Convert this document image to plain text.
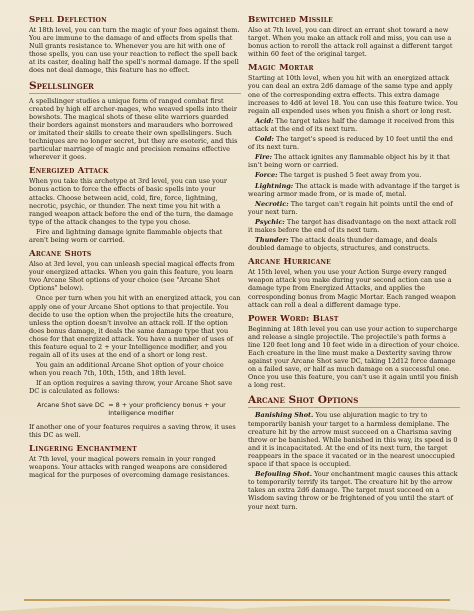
Spell Deflection

At 18th level, you can turn the magic of your foes against them. You are immune to the damage of and effects from spells that Null grants resistance to. Whenever you are hit with one of those spells, you can use your reaction to reflect the spell back at its caster, dealing half the spell's normal damage. If the spell does not deal damage, this feature has no effect.

Spellslinger

A spellslinger studies a unique form of ranged combat first created by high elf archer-mages, who weaved spells into their bowshots. The magical shots of these elite warriors guarded their borders against monsters and marauders who borrowed or imitated their skills to create their own spellslingers. Such techniques are no longer secret, but they are esoteric, and this particular marriage of magic and precision remains effective wherever it goes.

Energized Attack

When you take this archetype at 3rd level, you can use your bonus action to force the effects of basic spells into your attacks. Choose between acid, cold, fire, force, lightning, necrotic, psychic, or thunder. The next time you hit with a ranged weapon attack before the end of the turn, the damage type of the attack changes to the type you chose.

Fire and lightning damage ignite flammable objects that aren't being worn or carried.

Arcane Shots

Also at 3rd level, you can unleash special magical effects from your energized attacks. When you gain this feature, you learn two Arcane Shot options of your choice (see "Arcane Shot Options" below).

Once per turn when you hit with an energized attack, you can apply one of your Arcane Shot options to that projectile. You decide to use the option when the projectile hits the creature, unless the option doesn't involve an attack roll. If the option does bonus damage, it deals the same damage type that you chose for that energized attack. You have a number of uses of this feature equal to 2 + your Intelligence modifier, and you regain all of its uses at the end of a short or long rest.

You gain an additional Arcane Shot option of your choice when you reach 7th, 10th, 15th, and 18th level.

If an option requires a saving throw, your Arcane Shot save DC is calculated as follows:

Arcane Shot save DC = 8 + your proficiency bonus + your Intelligence modifier

If another one of your features requires a saving throw, it uses this DC as well.

Lingering Enchantment

At 7th level, your magical powers remain in your ranged weapons. Your attacks with ranged weapons are considered magical for the purposes of overcoming damage resistances.

Bewitched Missile

Also at 7th level, you can direct an errant shot toward a new target. When you make an attack roll and miss, you can use a bonus action to reroll the attack roll against a different target within 60 feet of the original target.

Magic Mortar

Starting at 10th level, when you hit with an energized attack you can deal an extra 2d6 damage of the same type and apply one of the corresponding extra effects. This extra damage increases to 4d6 at level 18. You can use this feature twice. You regain all expended uses when you finish a short or long rest.

Acid: The target takes half the damage it received from this attack at the end of its next turn.

Cold: The target's speed is reduced by 10 feet until the end of its next turn.

Fire: The attack ignites any flammable object his by it that isn't being worn or carried.

Force: The target is pushed 5 feet away from you.

Lightning: The attack is made with advantage if the target is wearing armor made from, or is made of, metal.

Necrotic: The target can't regain hit points until the end of your next turn.

Psychic: The target has disadvantage on the next attack roll it makes before the end of its next turn.

Thunder: The attack deals thunder damage, and deals doubled damage to objects, structures, and constructs.

Arcane Hurricane

At 15th level, when you use your Action Surge every ranged weapon attack you make during your second action can use a damage type from Energized Attacks, and applies the corresponding bonus from Magic Mortar. Each ranged weapon attack can roll a deal a different damage type.

Power Word: Blast

Beginning at 18th level you can use your action to supercharge and release a single projectile. The projectile's path forms a line 120 feet long and 10 feet wide in a direction of your choice. Each creature in the line must make a Dexterity saving throw against your Arcane Shot save DC, taking 12d12 force damage on a failed save, or half as much damage on a successful one. Once you use this feature, you can't use it again until you finish a long rest.

Arcane Shot Options

Banishing Shot. You use abjuration magic to try to temporarily banish your target to a harmless demiplane. The creature hit by the arrow must succeed on a Charisma saving throw or be banished. While banished in this way, its speed is 0 and it is incapacitated. At the end of its next turn, the target reappears in the space it vacated or in the nearest unoccupied space if that space is occupied.

Befouling Shot. Your enchantment magic causes this attack to temporarily terrify its target. The creature hit by the arrow takes an extra 2d6 damage. The target must succeed on a Wisdom saving throw or be frightened of you until the start of your next turn.
